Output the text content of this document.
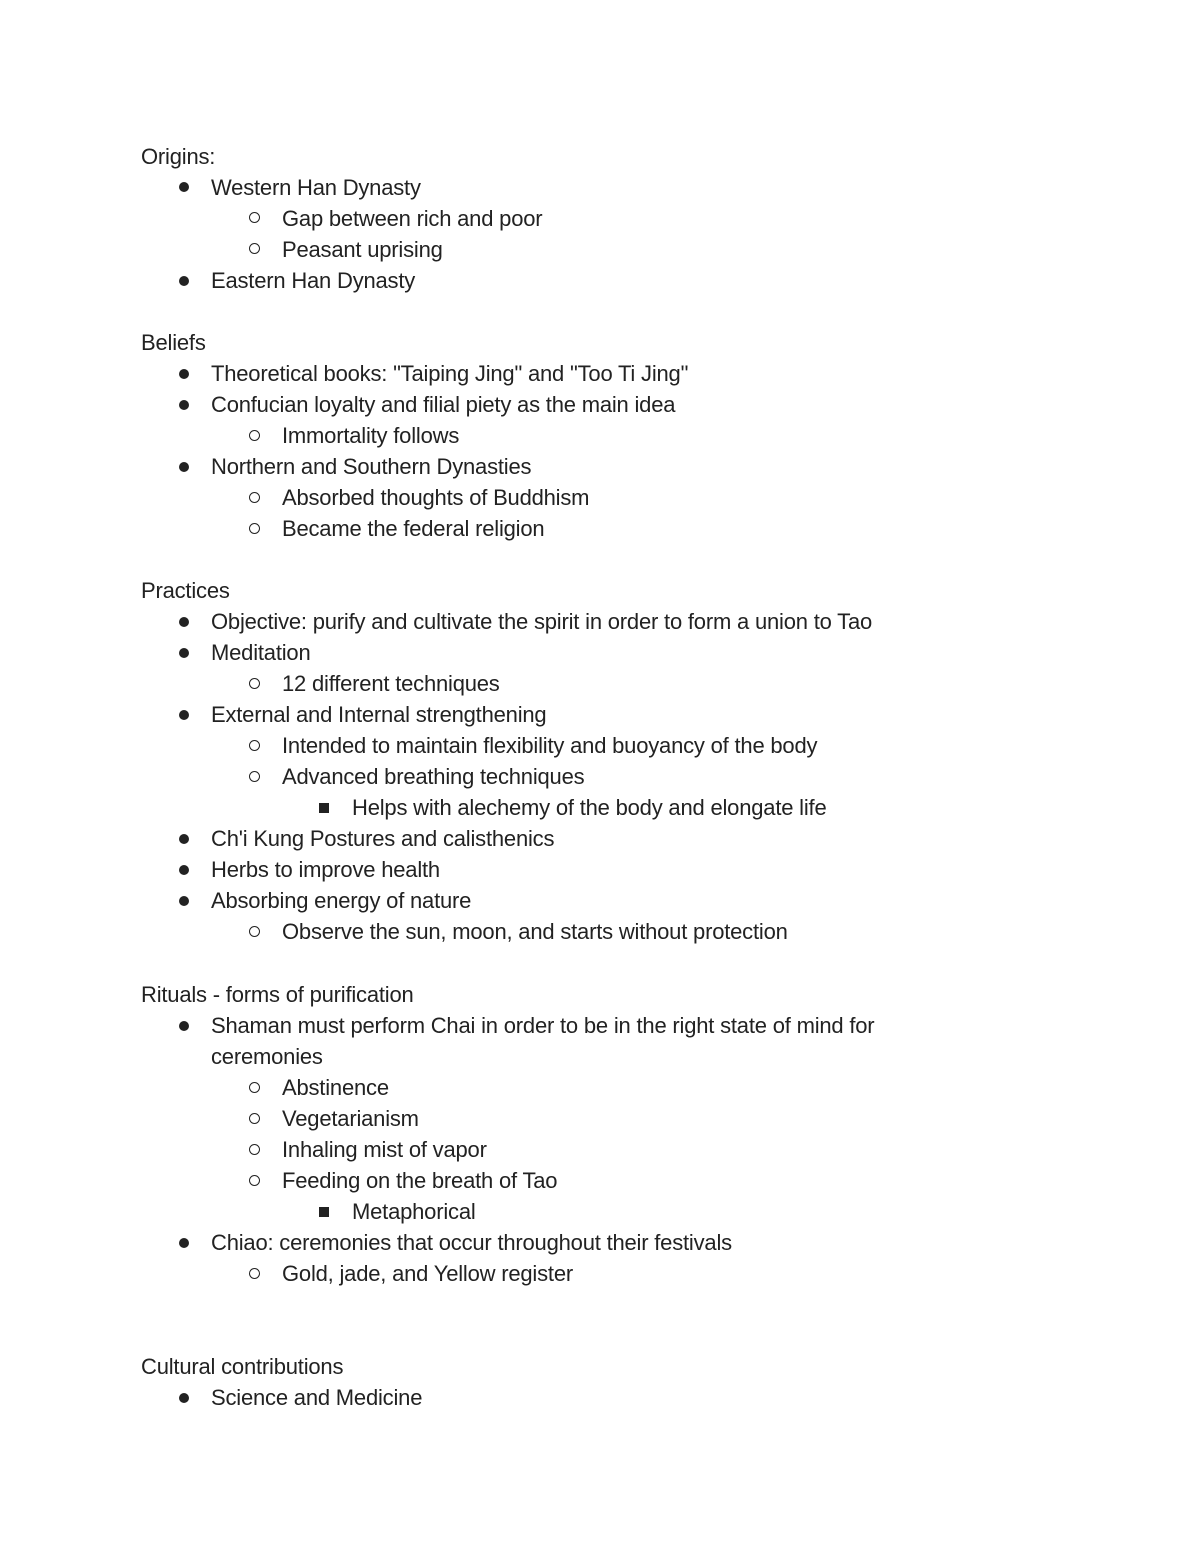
Origins:
Western Han Dynasty
Gap between rich and poor
Peasant uprising
Eastern Han Dynasty
Beliefs
Theoretical books: "Taiping Jing" and "Too Ti Jing"
Confucian loyalty and filial piety as the main idea
Immortality follows
Northern and Southern Dynasties
Absorbed thoughts of Buddhism
Became the federal religion
Practices
Objective: purify and cultivate the spirit in order to form a union to Tao
Meditation
12 different techniques
External and Internal strengthening
Intended to maintain flexibility and buoyancy of the body
Advanced breathing techniques
Helps with alechemy of the body and elongate life
Ch'i Kung Postures and calisthenics
Herbs to improve health
Absorbing energy of nature
Observe the sun, moon, and starts without protection
Rituals - forms of purification
Shaman must perform Chai in order to be in the right state of mind for
ceremonies
Abstinence
Vegetarianism
Inhaling mist of vapor
Feeding on the breath of Tao
Metaphorical
Chiao: ceremonies that occur throughout their festivals
Gold, jade, and Yellow register
Cultural contributions
Science and Medicine
